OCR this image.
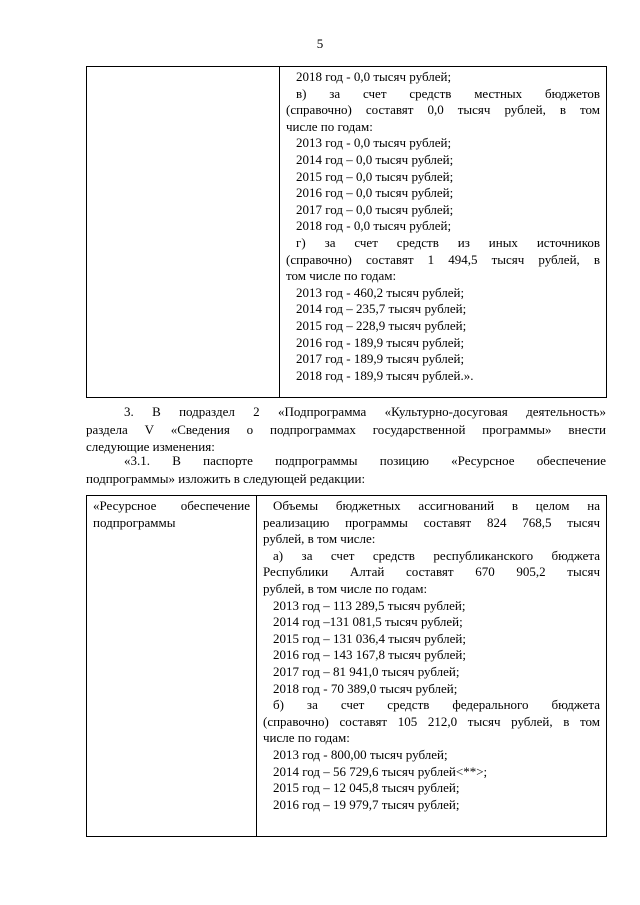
5

2018 год - 0,0 тысяч рублей;
в) за счет средств местных бюджетов
(справочно) составят 0,0 тысяч рублей, в том
числе по годам:
2013 год - 0,0 тысяч рублей;
2014 год – 0,0 тысяч рублей;
2015 год – 0,0 тысяч рублей;
2016 год – 0,0 тысяч рублей;
2017 год – 0,0 тысяч рублей;
2018 год - 0,0 тысяч рублей;
г) за счет средств из иных источников
(справочно) составят 1 494,5 тысяч рублей, в
том числе по годам:
2013 год - 460,2 тысяч рублей;
2014 год – 235,7 тысяч рублей;
2015 год – 228,9 тысяч рублей;
2016 год - 189,9 тысяч рублей;
2017 год - 189,9 тысяч рублей;
2018 год - 189,9 тысяч рублей.».
3. В подраздел 2 «Подпрограмма «Культурно-досуговая деятельность»
раздела V «Сведения о подпрограммах государственной программы» внести
следующие изменения:
«3.1. В паспорте подпрограммы позицию «Ресурсное обеспечение
подпрограммы» изложить в следующей редакции:
«Ресурсное обеспечение
подпрограммы

Объемы бюджетных ассигнований в целом на
реализацию программы составят 824 768,5 тысяч
рублей, в том числе:
а) за счет средств республиканского бюджета
Республики Алтай составят 670 905,2 тысяч
рублей, в том числе по годам:
2013 год – 113 289,5 тысяч рублей;
2014 год –131 081,5 тысяч рублей;
2015 год – 131 036,4 тысяч рублей;
2016 год – 143 167,8 тысяч рублей;
2017 год – 81 941,0 тысяч рублей;
2018 год - 70 389,0 тысяч рублей;
б) за счет средств федерального бюджета
(справочно) составят 105 212,0 тысяч рублей, в том
числе по годам:
2013 год - 800,00 тысяч рублей;
2014 год – 56 729,6 тысяч рублей<**>;
2015 год – 12 045,8 тысяч рублей;
2016 год – 19 979,7 тысяч рублей;
